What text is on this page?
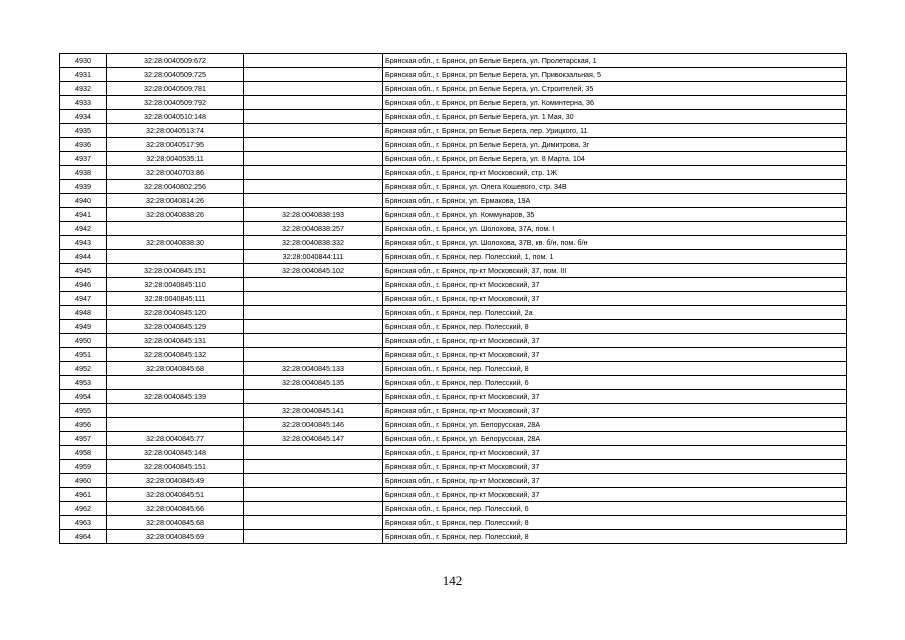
4930	32:28:0040509:672		Брянская обл., г. Брянск, рп Белые Берега, ул. Пролетарская, 1
4931	32:28:0040509:725		Брянская обл., г. Брянск, рп Белые Берега, ул. Привокзальная, 5
4932	32:28:0040509:781		Брянская обл., г. Брянск, рп Белые Берега, ул. Строителей, 35
4933	32:28:0040509:792		Брянская обл., г. Брянск, рп Белые Берега, ул. Коминтерна, 36
4934	32:28:0040510:148		Брянская обл., г. Брянск, рп Белые Берега, ул. 1 Мая, 30
4935	32:28:0040513:74		Брянская обл., г. Брянск, рп Белые Берега, пер. Урицкого, 11
4936	32:28:0040517:95		Брянская обл., г. Брянск, рп Белые Берега, ул. Димитрова, 3г
4937	32:28:0040535:11		Брянская обл., г. Брянск, рп Белые Берега, ул. 8 Марта, 104
4938	32:28:0040703:86		Брянская обл., г. Брянск, пр-кт Московский, стр. 1Ж
4939	32:28:0040802:256		Брянская обл., г. Брянск, ул. Олега Кошевого, стр. 34В
4940	32:28:0040814:26		Брянская обл., г. Брянск, ул. Ермакова, 19А
4941	32:28:0040838:26	32:28:0040838:193	Брянская обл., г. Брянск, ул. Коммунаров, 35
4942		32:28:0040838:257	Брянская обл., г. Брянск, ул. Шолохова, 37А, пом. I
4943	32:28:0040838:30	32:28:0040838:332	Брянская обл., г. Брянск, ул. Шолохова, 37В, кв. б/н, пом. б/н
4944		32:28:0040844:111	Брянская обл., г. Брянск, пер. Полесский, 1, пом. 1
4945	32:28:0040845:151	32:28:0040845:102	Брянская обл., г. Брянск, пр-кт Московский, 37, пом. III
4946	32:28:0040845:110		Брянская обл., г. Брянск, пр-кт Московский, 37
4947	32:28:0040845:111		Брянская обл., г. Брянск, пр-кт Московский, 37
4948	32:28:0040845:120		Брянская обл., г. Брянск, пер. Полесский, 2а
4949	32:28:0040845:129		Брянская обл., г. Брянск, пер. Полесский, 8
4950	32:28:0040845:131		Брянская обл., г. Брянск, пр-кт Московский, 37
4951	32:28:0040845:132		Брянская обл., г. Брянск, пр-кт Московский, 37
4952	32:28:0040845:68	32:28:0040845:133	Брянская обл., г. Брянск, пер. Полесский, 8
4953		32:28:0040845:135	Брянская обл., г. Брянск, пер. Полесский, 6
4954	32:28:0040845:139		Брянская обл., г. Брянск, пр-кт Московский, 37
4955		32:28:0040845:141	Брянская обл., г. Брянск, пр-кт Московский, 37
4956		32:28:0040845:146	Брянская обл., г. Брянск, ул. Белорусская, 28А
4957	32:28:0040845:77	32:28:0040845:147	Брянская обл., г. Брянск, ул. Белорусская, 28А
4958	32:28:0040845:148		Брянская обл., г. Брянск, пр-кт Московский, 37
4959	32:28:0040845:151		Брянская обл., г. Брянск, пр-кт Московский, 37
4960	32:28:0040845:49		Брянская обл., г. Брянск, пр-кт Московский, 37
4961	32:28:0040845:51		Брянская обл., г. Брянск, пр-кт Московский, 37
4962	32:28:0040845:66		Брянская обл., г. Брянск, пер. Полесский, 6
4963	32:28:0040845:68		Брянская обл., г. Брянск, пер. Полесский, 8
4964	32:28:0040845:69		Брянская обл., г. Брянск, пер. Полесский, 8
142
